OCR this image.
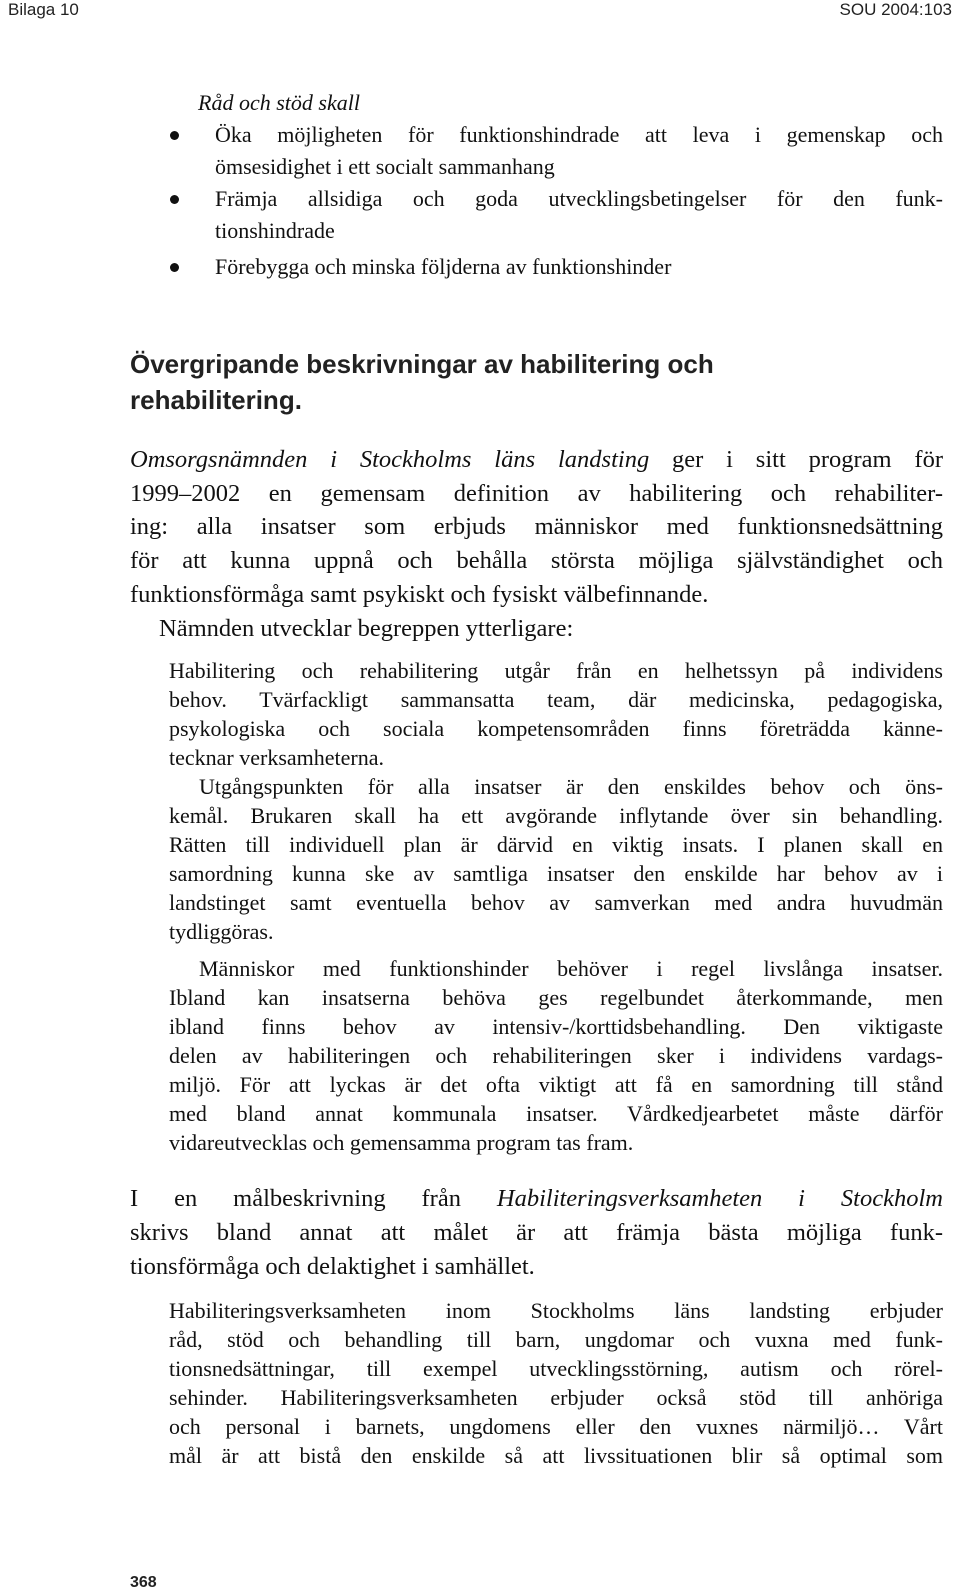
Bilaga 10	SOU 2004:103
Råd och stöd skall
Öka möjligheten för funktionshindrade att leva i gemenskap och
ömsesidighet i ett socialt sammanhang
Främja allsidiga och goda utvecklingsbetingelser för den funk-
tionshindrade
Förebygga och minska följderna av funktionshinder
Övergripande beskrivningar av habilitering och
rehabilitering.
Omsorgsnämnden i Stockholms läns landsting ger i sitt program för
1999–2002 en gemensam definition av habilitering och rehabiliter-
ing: alla insatser som erbjuds människor med funktionsnedsättning
för att kunna uppnå och behålla största möjliga självständighet och
funktionsförmåga samt psykiskt och fysiskt välbefinnande.
Nämnden utvecklar begreppen ytterligare:
Habilitering och rehabilitering utgår från en helhetssyn på individens
behov. Tvärfackligt sammansatta team, där medicinska, pedagogiska,
psykologiska och sociala kompetensområden finns företrädda känne-
tecknar verksamheterna.
Utgångspunkten för alla insatser är den enskildes behov och öns-
kemål. Brukaren skall ha ett avgörande inflytande över sin behandling.
Rätten till individuell plan är därvid en viktig insats. I planen skall en
samordning kunna ske av samtliga insatser den enskilde har behov av i
landstinget samt eventuella behov av samverkan med andra huvudmän
tydliggöras.
Människor med funktionshinder behöver i regel livslånga insatser.
Ibland kan insatserna behöva ges regelbundet återkommande, men
ibland finns behov av intensiv-/korttidsbehandling. Den viktigaste
delen av habiliteringen och rehabiliteringen sker i individens vardags-
miljö. För att lyckas är det ofta viktigt att få en samordning till stånd
med bland annat kommunala insatser. Vårdkedjearbetet måste därför
vidareutvecklas och gemensamma program tas fram.
I en målbeskrivning från Habiliteringsverksamheten i Stockholm
skrivs bland annat att målet är att främja bästa möjliga funk-
tionsförmåga och delaktighet i samhället.
Habiliteringsverksamheten inom Stockholms läns landsting erbjuder
råd, stöd och behandling till barn, ungdomar och vuxna med funk-
tionsnedsättningar, till exempel utvecklingsstörning, autism och rörel-
sehinder. Habiliteringsverksamheten erbjuder också stöd till anhöriga
och personal i barnets, ungdomens eller den vuxnes närmiljö… Vårt
mål är att bistå den enskilde så att livssituationen blir så optimal som
368
